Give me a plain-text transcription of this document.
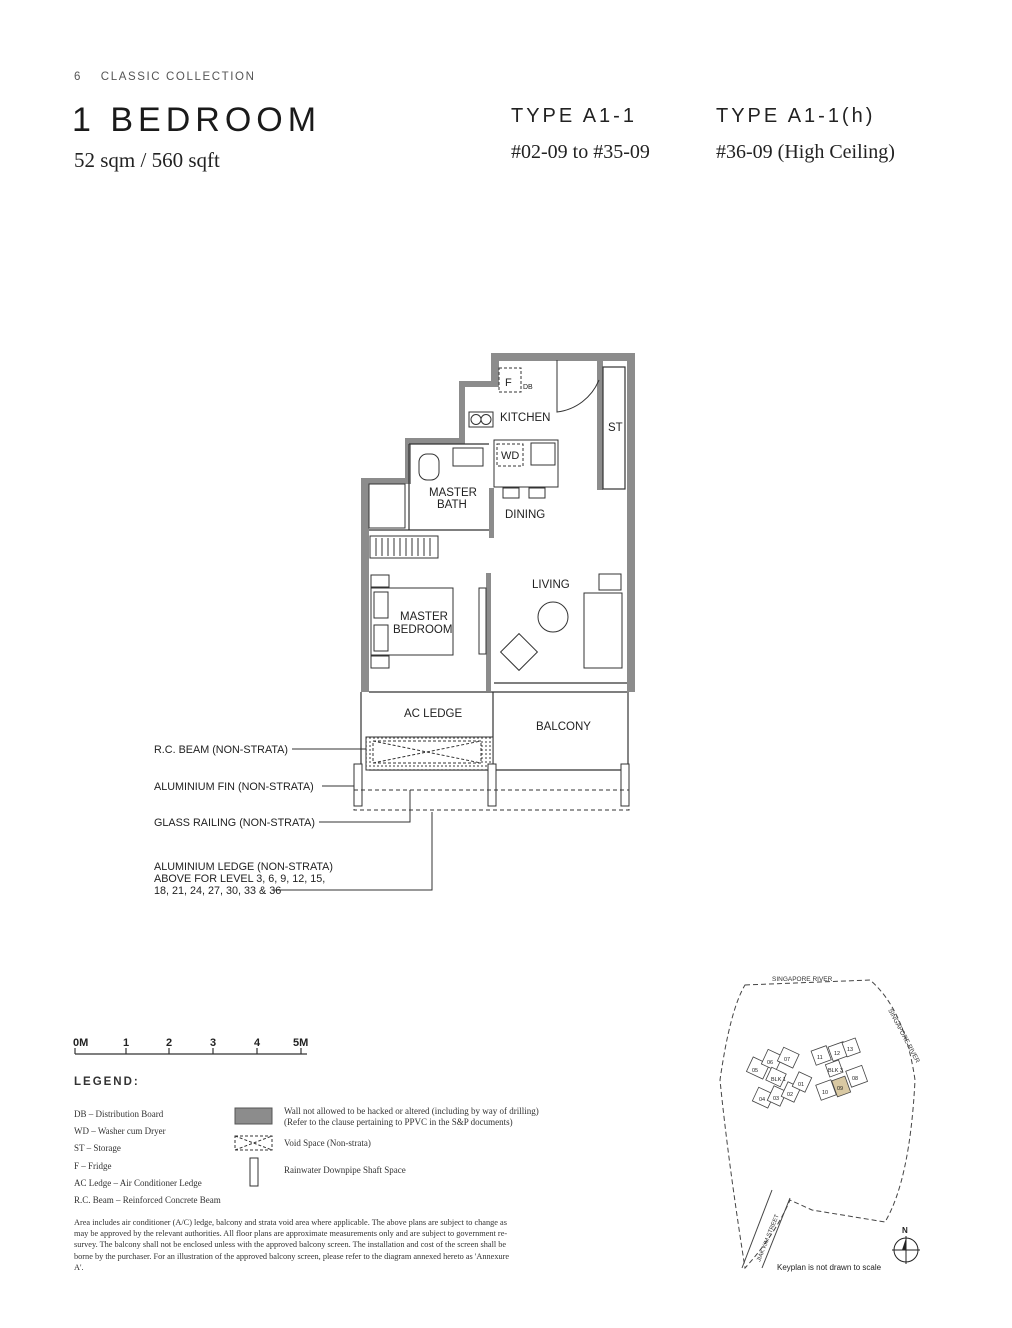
6 CLASSIC COLLECTION
1 BEDROOM
52 sqm / 560 sqft
TYPE A1-1
#02-09 to #35-09
TYPE A1-1(h)
#36-09 (High Ceiling)
F DB
WD
KITCHEN
ST
MASTER
BATH
DINING
LIVING
MASTER
BEDROOM
AC LEDGE
BALCONY
R.C. BEAM (NON-STRATA)
ALUMINIUM FIN (NON-STRATA)
GLASS RAILING (NON-STRATA)
ALUMINIUM LEDGE (NON-STRATA)
ABOVE FOR LEVEL 3, 6, 9, 12, 15,
18, 21, 24, 27, 30, 33 & 36
0M	1	2	3	4	5M
LEGEND:
DB – Distribution Board
WD – Washer cum Dryer
ST – Storage
F – Fridge
AC Ledge – Air Conditioner Ledge
R.C. Beam – Reinforced Concrete Beam
Wall not allowed to be hacked or altered (including by way of drilling)
(Refer to the clause pertaining to PPVC in the S&P documents)
Void Space (Non-strata)
Rainwater Downpipe Shaft Space
Area includes air conditioner (A/C) ledge, balcony and strata void area where applicable. The above plans are subject to change as may be approved by the relevant authorities. All floor plans are approximate measurements only and are subject to government re-survey. The balcony shall not be enclosed unless with the approved balcony screen. The installation and cost of the screen shall be borne by the purchaser. For an illustration of the approved balcony screen, please refer to the diagram annexed hereto as 'Annexure A'.
SINGAPORE RIVER
SINGAPORE RIVER
JIAK KIM STREET
05
06 07
BLK 1
04 03
02
01
11
12
13
BLK 3
10
09
08
Keyplan is not drawn to scale
N
